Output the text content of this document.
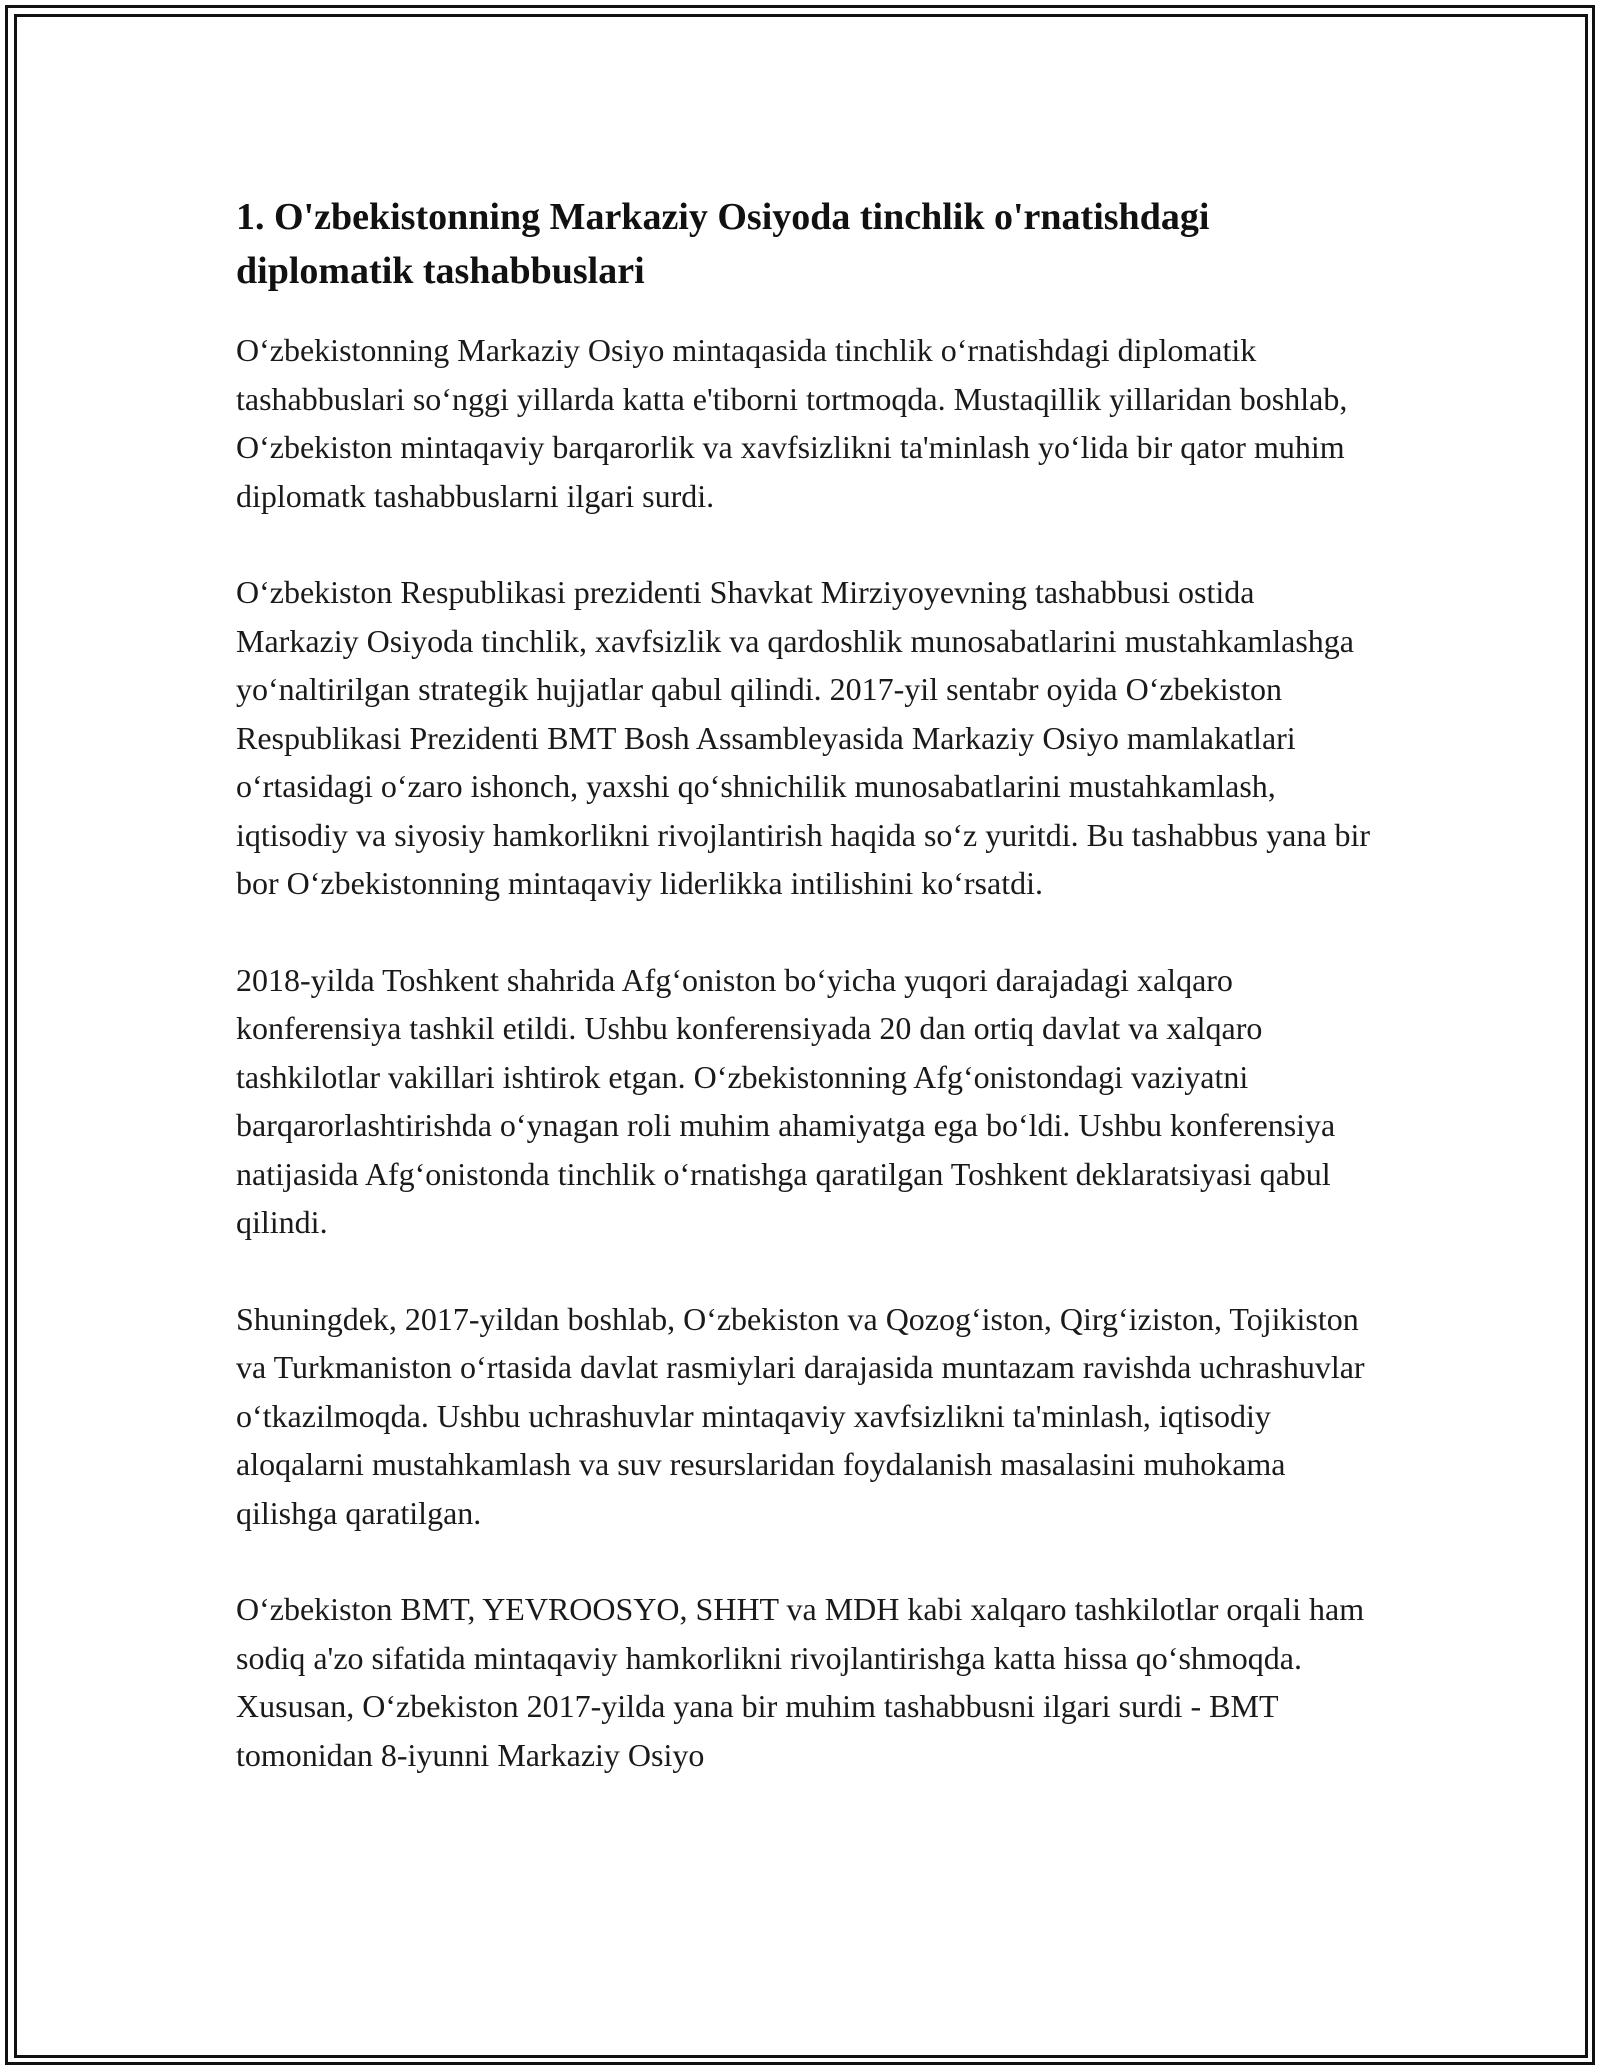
1. O'zbekistonning Markaziy Osiyoda tinchlik o'rnatishdagi diplomatik tashabbuslari

O‘zbekistonning Markaziy Osiyo mintaqasida tinchlik o‘rnatishdagi diplomatik tashabbuslari so‘nggi yillarda katta e'tiborni tortmoqda. Mustaqillik yillaridan boshlab, O‘zbekiston mintaqaviy barqarorlik va xavfsizlikni ta'minlash yo‘lida bir qator muhim diplomatk tashabbuslarni ilgari surdi.

O‘zbekiston Respublikasi prezidenti Shavkat Mirziyoyevning tashabbusi ostida Markaziy Osiyoda tinchlik, xavfsizlik va qardoshlik munosabatlarini mustahkamlashga yo‘naltirilgan strategik hujjatlar qabul qilindi. 2017-yil sentabr oyida O‘zbekiston Respublikasi Prezidenti BMT Bosh Assambleyasida Markaziy Osiyo mamlakatlari o‘rtasidagi o‘zaro ishonch, yaxshi qo‘shnichilik munosabatlarini mustahkamlash, iqtisodiy va siyosiy hamkorlikni rivojlantirish haqida so‘z yuritdi. Bu tashabbus yana bir bor O‘zbekistonning mintaqaviy liderlikka intilishini ko‘rsatdi.

2018-yilda Toshkent shahrida Afg‘oniston bo‘yicha yuqori darajadagi xalqaro konferensiya tashkil etildi. Ushbu konferensiyada 20 dan ortiq davlat va xalqaro tashkilotlar vakillari ishtirok etgan. O‘zbekistonning Afg‘onistondagi vaziyatni barqarorlashtirishda o‘ynagan roli muhim ahamiyatga ega bo‘ldi. Ushbu konferensiya natijasida Afg‘onistonda tinchlik o‘rnatishga qaratilgan Toshkent deklaratsiyasi qabul qilindi.

Shuningdek, 2017-yildan boshlab, O‘zbekiston va Qozog‘iston, Qirg‘iziston, Tojikiston va Turkmaniston o‘rtasida davlat rasmiylari darajasida muntazam ravishda uchrashuvlar o‘tkazilmoqda. Ushbu uchrashuvlar mintaqaviy xavfsizlikni ta'minlash, iqtisodiy aloqalarni mustahkamlash va suv resurslaridan foydalanish masalasini muhokama qilishga qaratilgan.

O‘zbekiston BMT, YEVROOSYO, SHHT va MDH kabi xalqaro tashkilotlar orqali ham sodiq a'zo sifatida mintaqaviy hamkorlikni rivojlantirishga katta hissa qo‘shmoqda. Xususan, O‘zbekiston 2017-yilda yana bir muhim tashabbusni ilgari surdi - BMT tomonidan 8-iyunni Markaziy Osiyo
